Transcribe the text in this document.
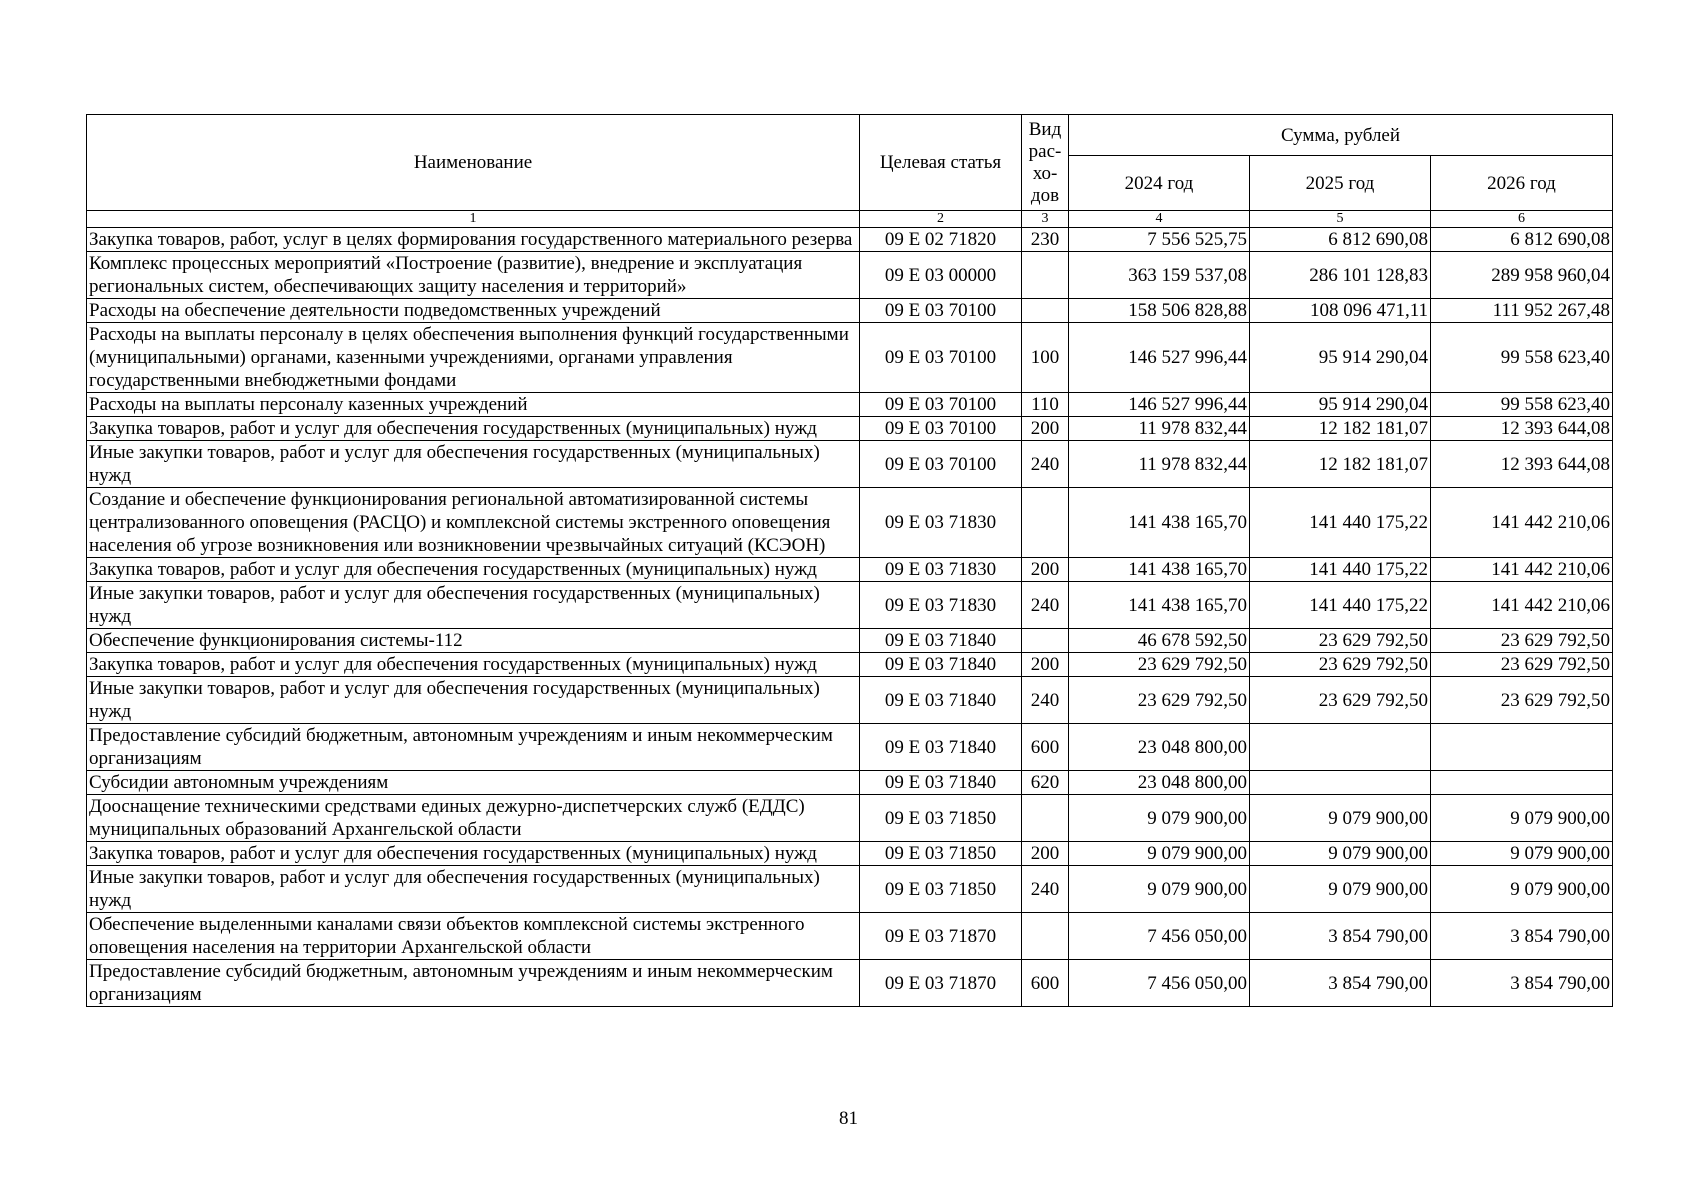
Наименование	Целевая статья	Вид рас-хо-дов	Сумма, рублей		
			2024 год	2025 год	2026 год
1	2	3	4	5	6
Закупка товаров, работ, услуг в целях формирования государственного материального резерва	09 Е 02 71820	230	7 556 525,75	6 812 690,08	6 812 690,08
Комплекс процессных мероприятий «Построение (развитие), внедрение и эксплуатация региональных систем, обеспечивающих защиту населения и территорий»	09 Е 03 00000		363 159 537,08	286 101 128,83	289 958 960,04
Расходы на обеспечение деятельности подведомственных учреждений	09 Е 03 70100		158 506 828,88	108 096 471,11	111 952 267,48
Расходы на выплаты персоналу в целях обеспечения выполнения функций государственными (муниципальными) органами, казенными учреждениями, органами управления государственными внебюджетными фондами	09 Е 03 70100	100	146 527 996,44	95 914 290,04	99 558 623,40
Расходы на выплаты персоналу казенных учреждений	09 Е 03 70100	110	146 527 996,44	95 914 290,04	99 558 623,40
Закупка товаров, работ и услуг для обеспечения государственных (муниципальных) нужд	09 Е 03 70100	200	11 978 832,44	12 182 181,07	12 393 644,08
Иные закупки товаров, работ и услуг для обеспечения государственных (муниципальных) нужд	09 Е 03 70100	240	11 978 832,44	12 182 181,07	12 393 644,08
Создание и обеспечение функционирования региональной автоматизированной системы централизованного оповещения (РАСЦО) и комплексной системы экстренного оповещения населения об угрозе возникновения или возникновении чрезвычайных ситуаций (КСЭОН)	09 Е 03 71830		141 438 165,70	141 440 175,22	141 442 210,06
Закупка товаров, работ и услуг для обеспечения государственных (муниципальных) нужд	09 Е 03 71830	200	141 438 165,70	141 440 175,22	141 442 210,06
Иные закупки товаров, работ и услуг для обеспечения государственных (муниципальных) нужд	09 Е 03 71830	240	141 438 165,70	141 440 175,22	141 442 210,06
Обеспечение функционирования системы-112	09 Е 03 71840		46 678 592,50	23 629 792,50	23 629 792,50
Закупка товаров, работ и услуг для обеспечения государственных (муниципальных) нужд	09 Е 03 71840	200	23 629 792,50	23 629 792,50	23 629 792,50
Иные закупки товаров, работ и услуг для обеспечения государственных (муниципальных) нужд	09 Е 03 71840	240	23 629 792,50	23 629 792,50	23 629 792,50
Предоставление субсидий бюджетным, автономным учреждениям и иным некоммерческим организациям	09 Е 03 71840	600	23 048 800,00		
Субсидии автономным учреждениям	09 Е 03 71840	620	23 048 800,00		
Дооснащение техническими средствами единых дежурно-диспетчерских служб (ЕДДС) муниципальных образований Архангельской области	09 Е 03 71850		9 079 900,00	9 079 900,00	9 079 900,00
Закупка товаров, работ и услуг для обеспечения государственных (муниципальных) нужд	09 Е 03 71850	200	9 079 900,00	9 079 900,00	9 079 900,00
Иные закупки товаров, работ и услуг для обеспечения государственных (муниципальных) нужд	09 Е 03 71850	240	9 079 900,00	9 079 900,00	9 079 900,00
Обеспечение выделенными каналами связи объектов комплексной системы экстренного оповещения населения на территории Архангельской области	09 Е 03 71870		7 456 050,00	3 854 790,00	3 854 790,00
Предоставление субсидий бюджетным, автономным учреждениям и иным некоммерческим организациям	09 Е 03 71870	600	7 456 050,00	3 854 790,00	3 854 790,00
81
